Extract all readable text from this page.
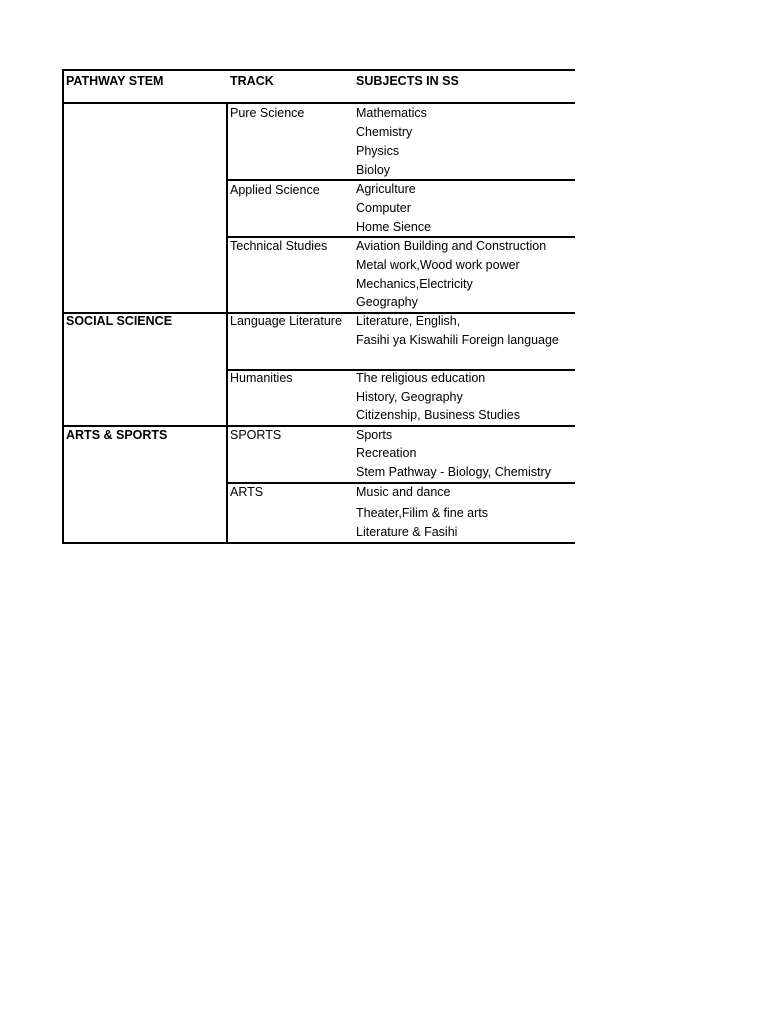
PATHWAY STEM	TRACK	SUBJECTS IN SS
SOCIAL SCIENCE
ARTS & SPORTS
Pure Science
Applied Science
Technical Studies
Language Literature
Humanities
SPORTS
ARTS
Mathematics
Chemistry
Physics
Bioloy
Agriculture
Computer
Home Sience
Aviation Building and Construction
Metal work,Wood work power
Mechanics,Electricity
Geography
Literature, English,
Fasihi ya Kiswahili Foreign language
The religious education
History, Geography
Citizenship, Business Studies
Sports
Recreation
Stem Pathway - Biology, Chemistry
Music and dance
Theater,Filim & fine arts
Literature & Fasihi
